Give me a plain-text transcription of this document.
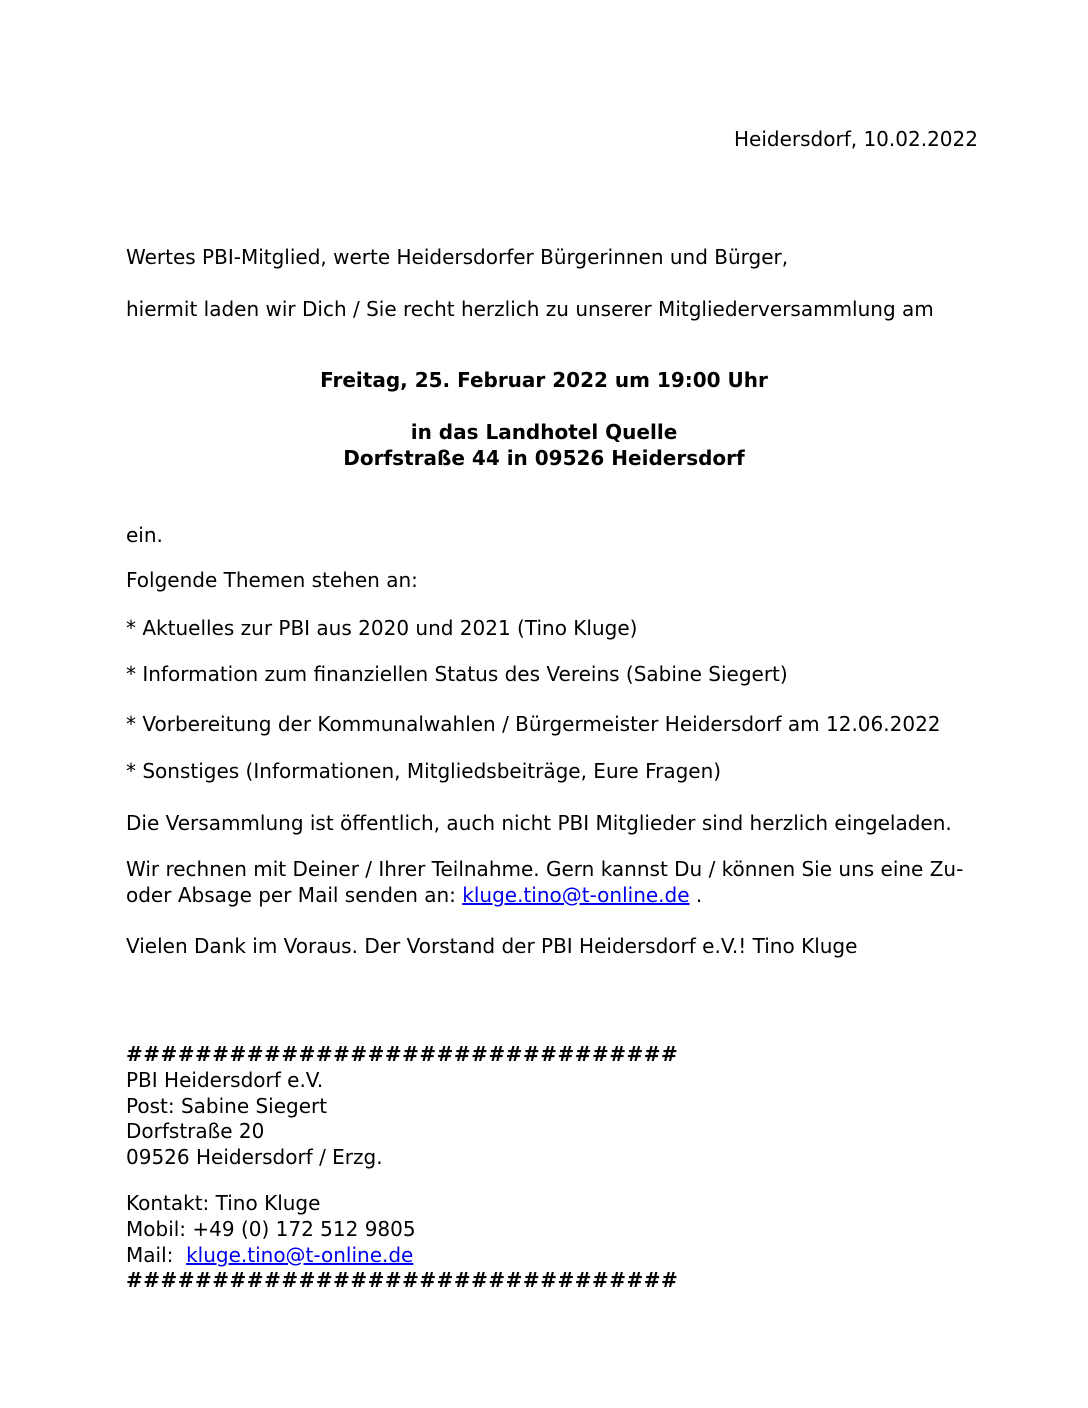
Heidersdorf, 10.02.2022
Wertes PBI-Mitglied, werte Heidersdorfer Bürgerinnen und Bürger,
hiermit laden wir Dich / Sie recht herzlich zu unserer Mitgliederversammlung am
Freitag, 25. Februar 2022 um 19:00 Uhr
in das Landhotel Quelle
Dorfstraße 44 in 09526 Heidersdorf
ein.
Folgende Themen stehen an:
* Aktuelles zur PBI aus 2020 und 2021 (Tino Kluge)
* Information zum finanziellen Status des Vereins (Sabine Siegert)
* Vorbereitung der Kommunalwahlen / Bürgermeister Heidersdorf am 12.06.2022
* Sonstiges (Informationen, Mitgliedsbeiträge, Eure Fragen)
Die Versammlung ist öffentlich, auch nicht PBI Mitglieder sind herzlich eingeladen.
Wir rechnen mit Deiner / Ihrer Teilnahme. Gern kannst Du / können Sie uns eine Zu-
oder Absage per Mail senden an: kluge.tino@t-online.de .
Vielen Dank im Voraus. Der Vorstand der PBI Heidersdorf e.V.! Tino Kluge
################################
PBI Heidersdorf e.V.
Post: Sabine Siegert
Dorfstraße 20
09526 Heidersdorf / Erzg.
Kontakt: Tino Kluge
Mobil: +49 (0) 172 512 9805
Mail:  kluge.tino@t-online.de
################################
